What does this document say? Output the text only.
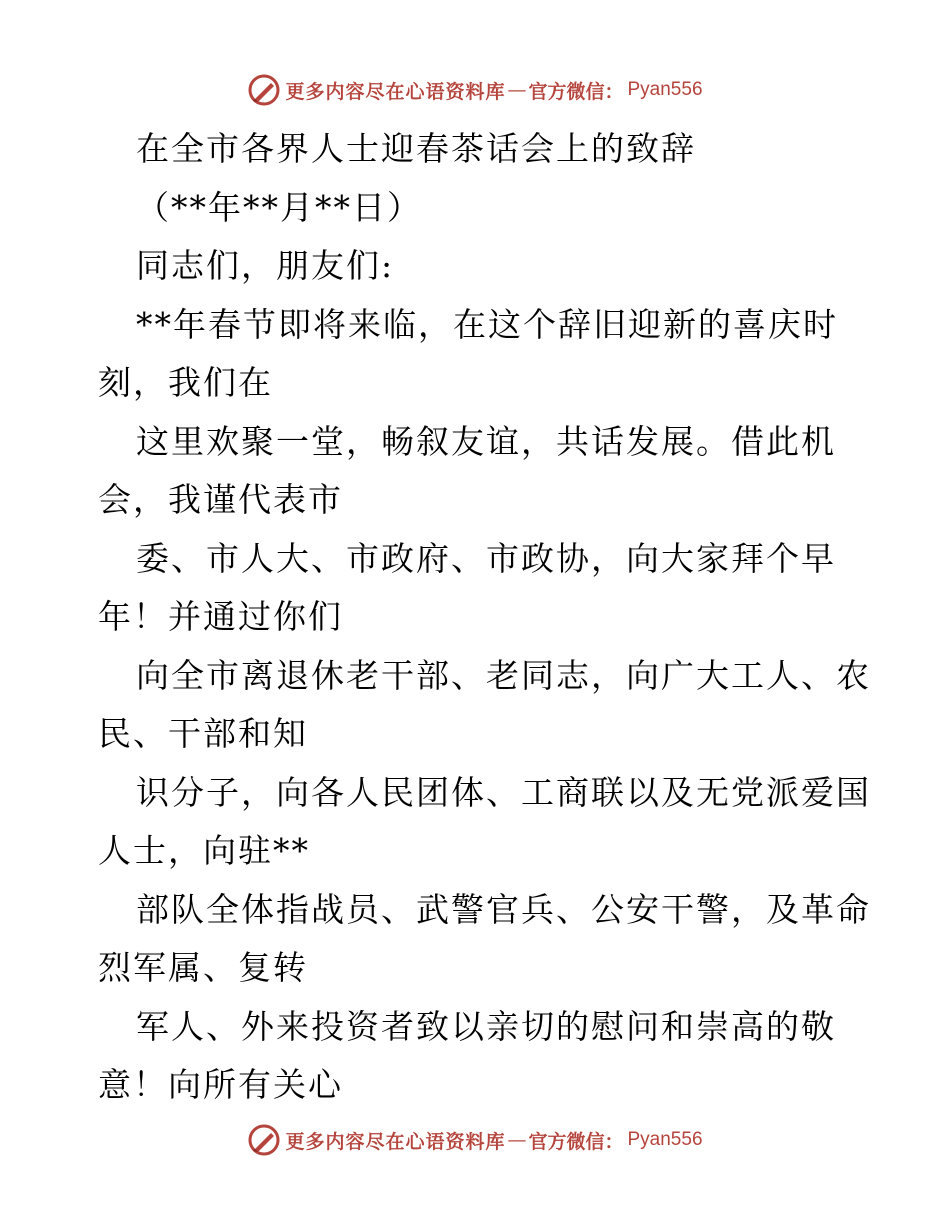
更多内容尽在心语资料库 — 官方微信： Pyan556
在全市各界人士迎春茶话会上的致辞
（**年**月**日）
同志们，朋友们:
**年春节即将来临，在这个辞旧迎新的喜庆时
刻，我们在
这里欢聚一堂，畅叙友谊，共话发展。借此机
会，我谨代表市
委、市人大、市政府、市政协，向大家拜个早
年！并通过你们
向全市离退休老干部、老同志，向广大工人、农
民、干部和知
识分子，向各人民团体、工商联以及无党派爱国
人士，向驻**
部队全体指战员、武警官兵、公安干警，及革命
烈军属、复转
军人、外来投资者致以亲切的慰问和崇高的敬
意！向所有关心
更多内容尽在心语资料库 — 官方微信： Pyan556
